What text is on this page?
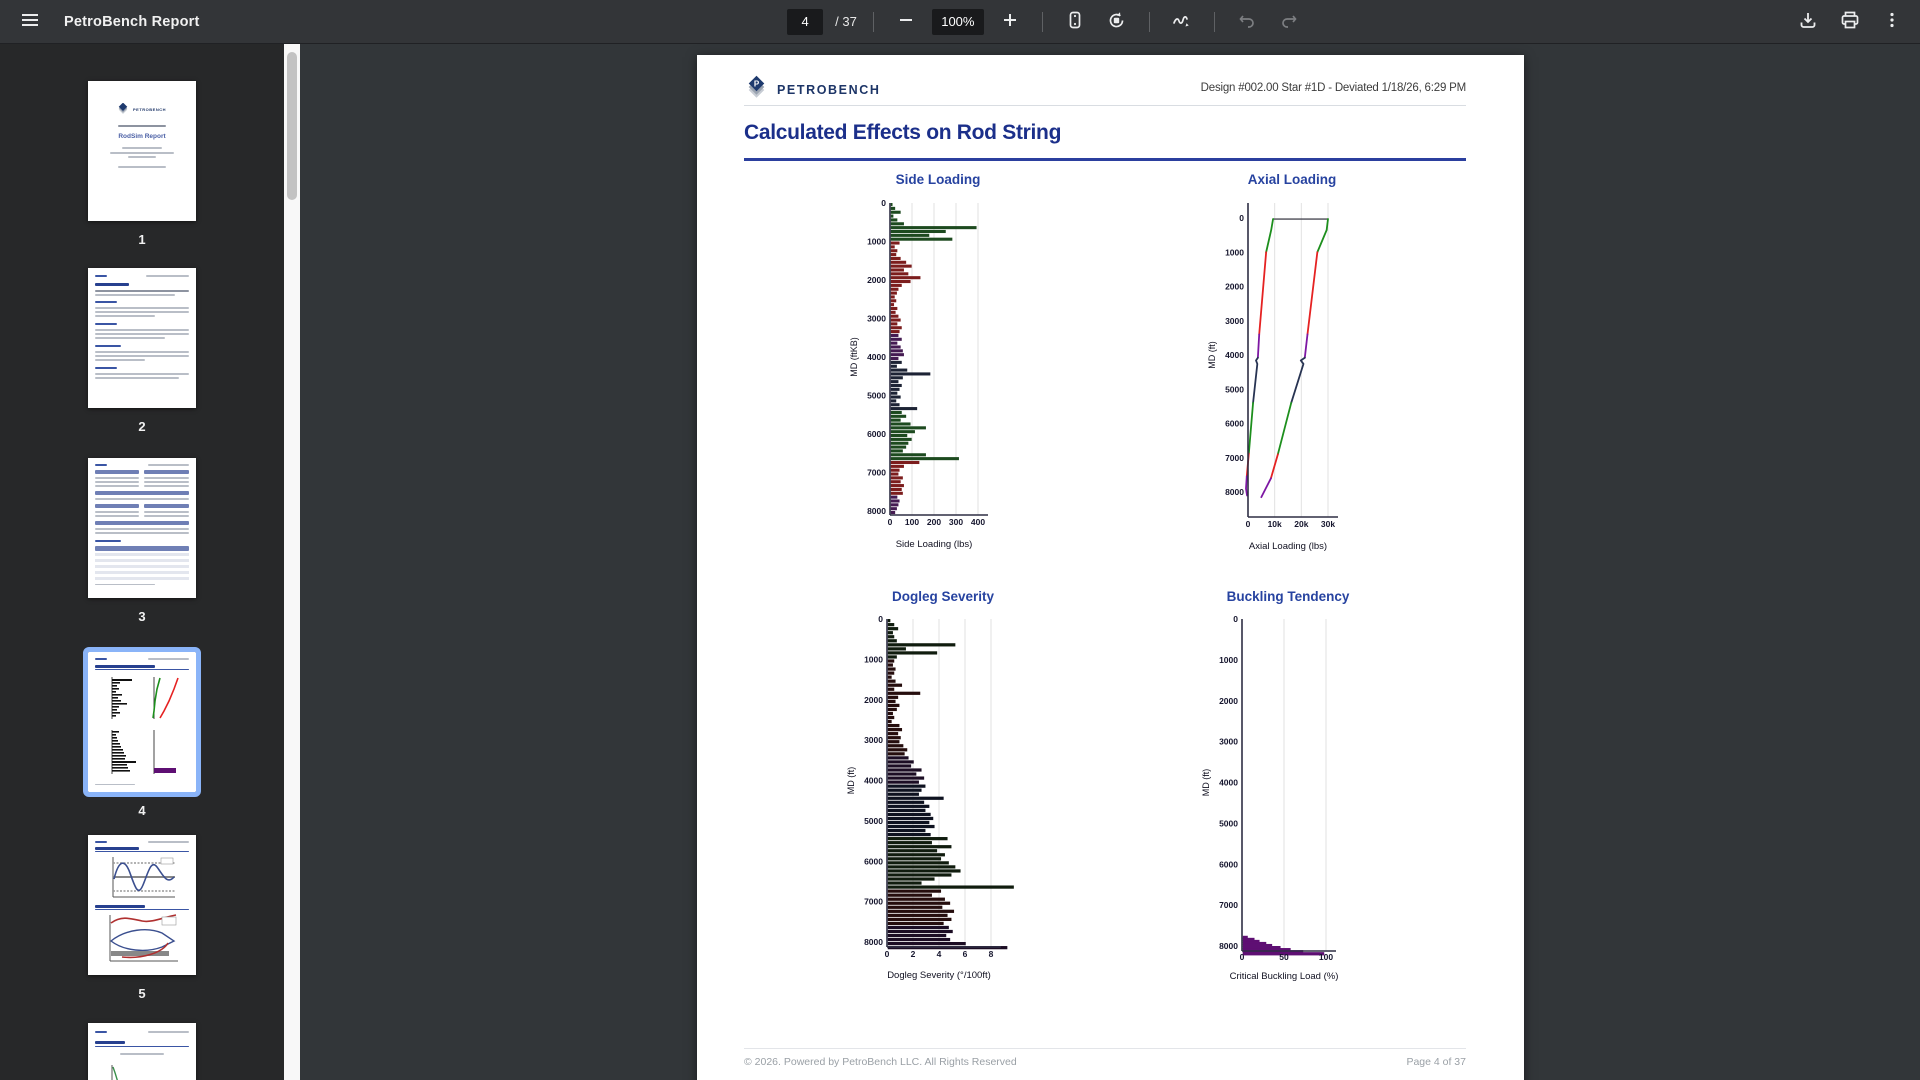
PetroBench Report
4	/ 37	100%
PETROBENCH
RodSim Report
1
2
3
4
5
P PETROBENCH	Design #002.00 Star #1D - Deviated 1/18/26, 6:29 PM
Calculated Effects on Rod String
Side Loading
0
1000
2000
3000
4000
5000
6000
7000
8000
0 100 200 300 400
Side Loading (lbs)
MD (ftKB)
Axial Loading
0
1000
2000
3000
4000
5000
6000
7000
8000
0 10k 20k 30k
Axial Loading (lbs)
MD (ft)
Dogleg Severity
0
1000
2000
3000
4000
5000
6000
7000
8000
0	2	4	6	8
Dogleg Severity (°/100ft)
MD (ft)
Buckling Tendency
0
1000
2000
3000
4000
5000
6000
7000
8000
0	50	100
Critical Buckling Load (%)
MD (ft)
© 2026. Powered by PetroBench LLC. All Rights Reserved	Page 4 of 37
